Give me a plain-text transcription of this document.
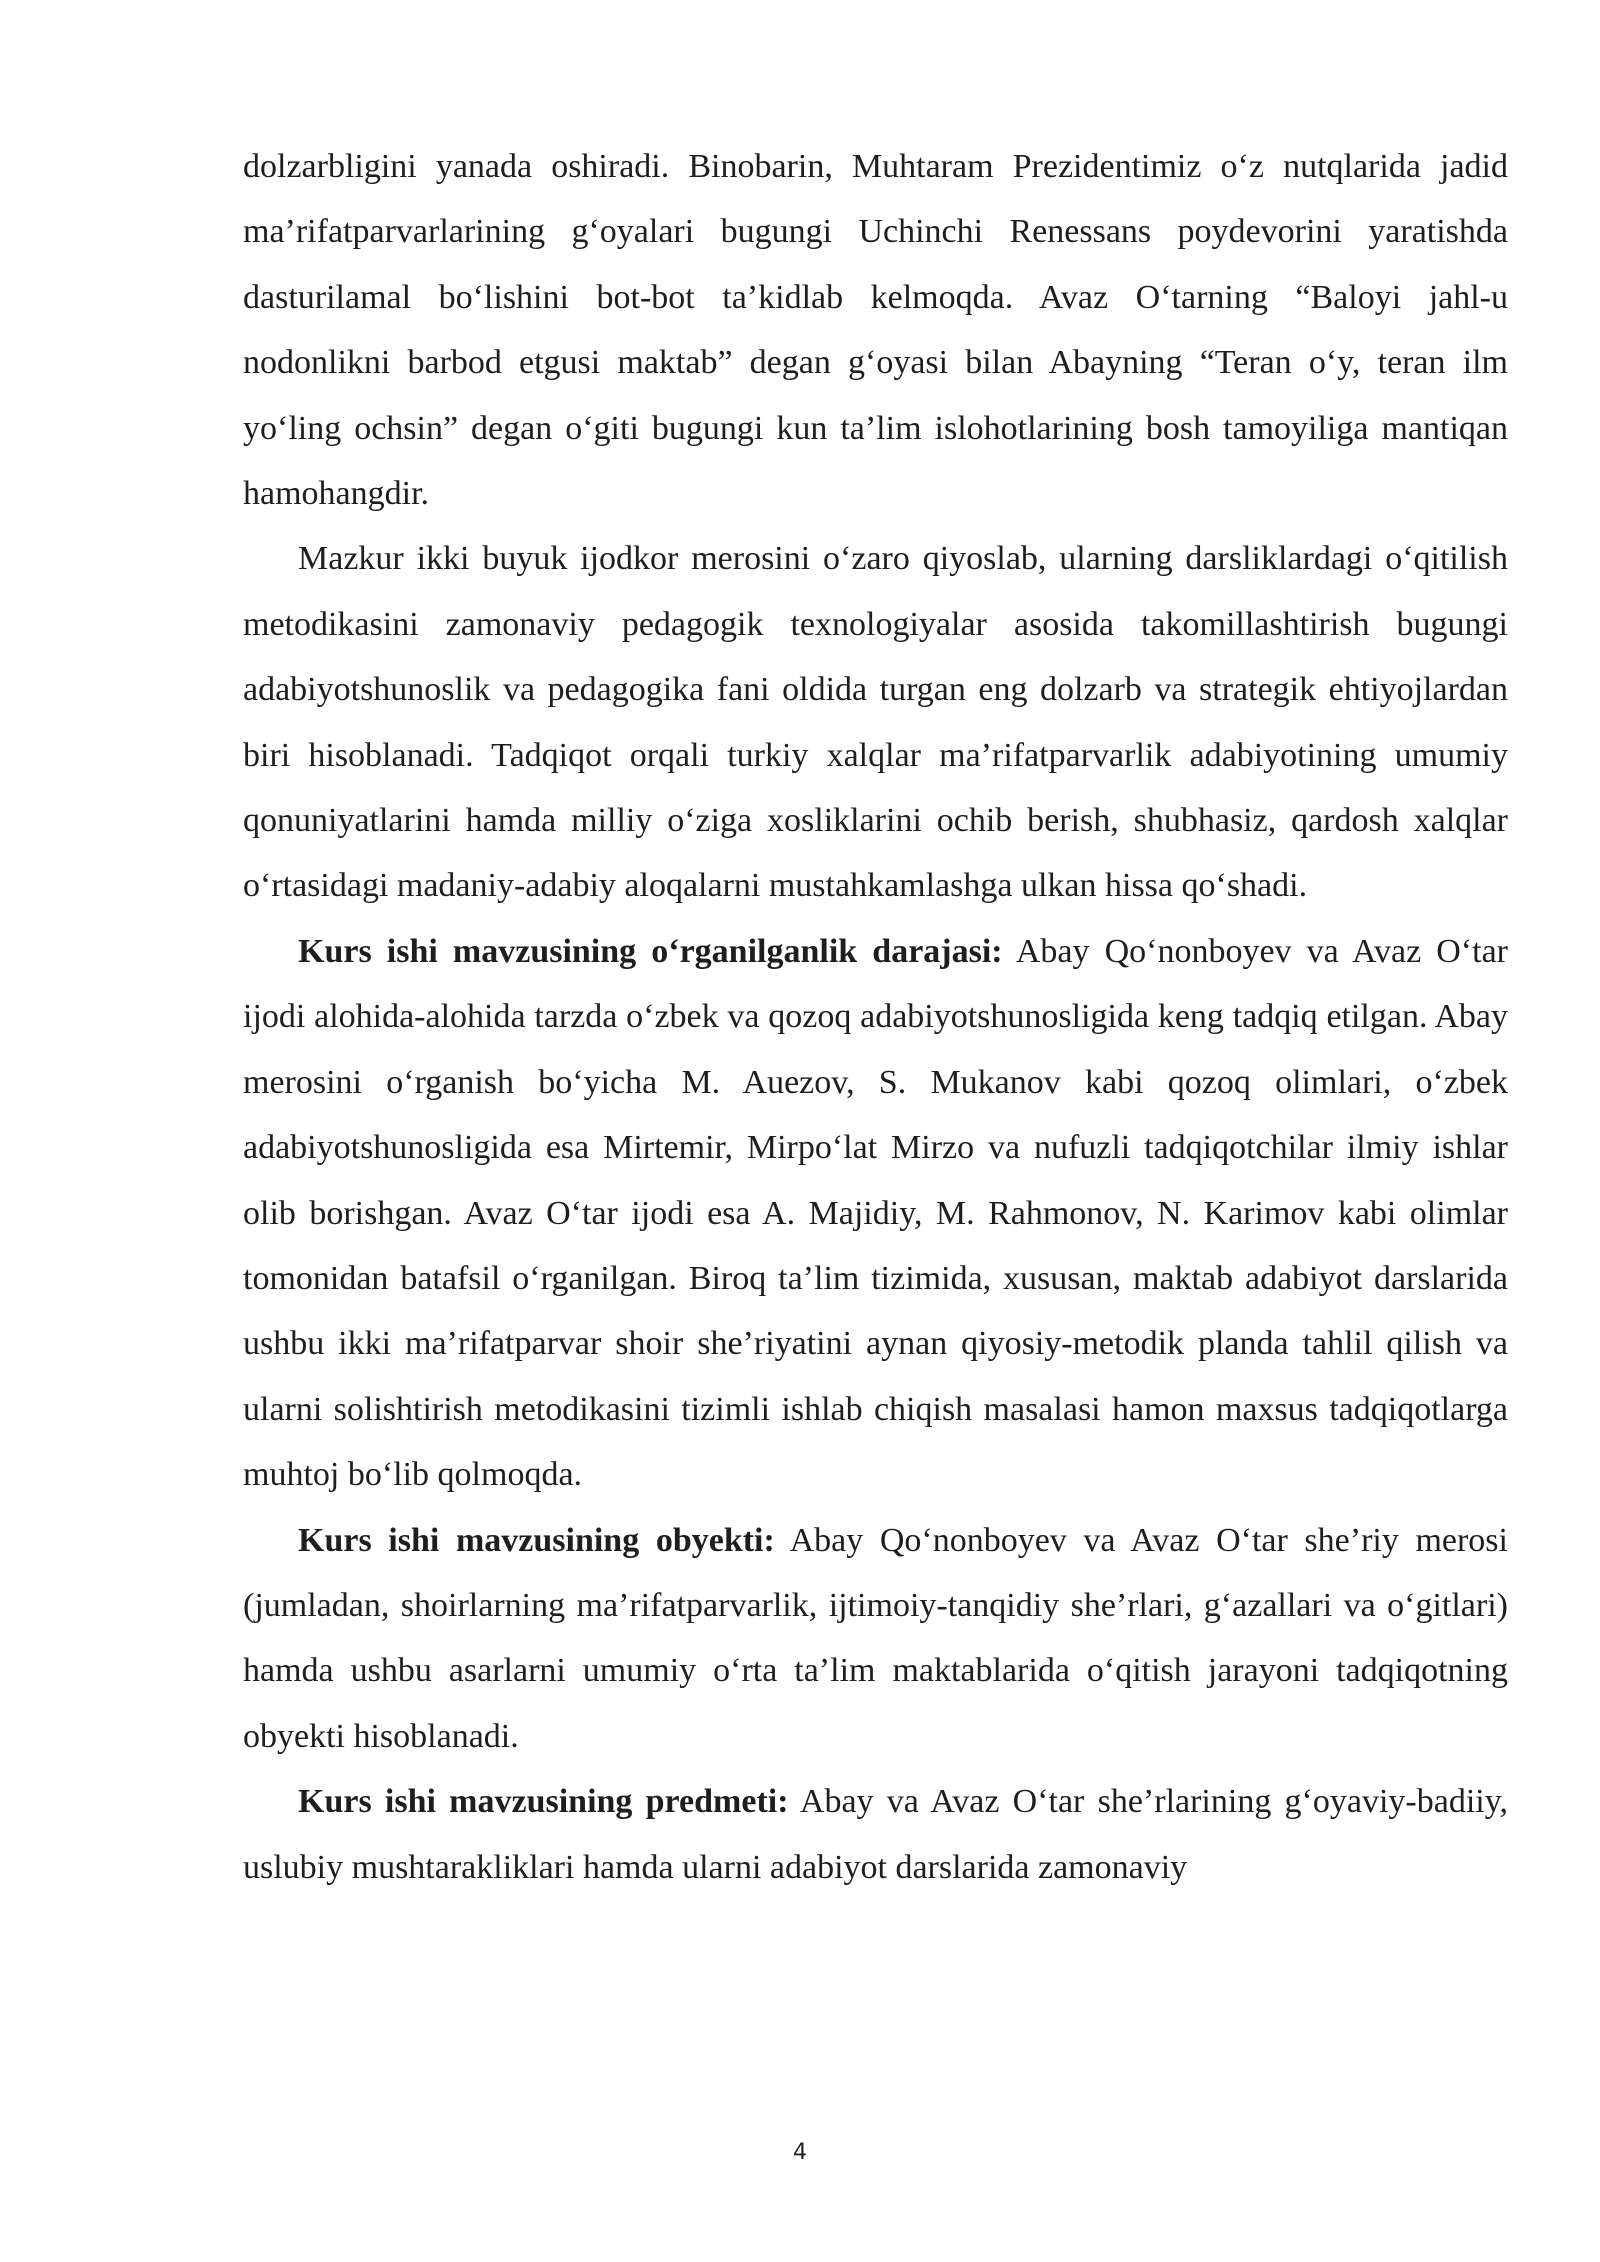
dolzarbligini yanada oshiradi. Binobarin, Muhtaram Prezidentimiz o‘z nutqlarida jadid ma’rifatparvarlarining g‘oyalari bugungi Uchinchi Renessans poydevorini yaratishda dasturilamal bo‘lishini bot-bot ta’kidlab kelmoqda. Avaz O‘tarning “Baloyi jahl-u nodonlikni barbod etgusi maktab” degan g‘oyasi bilan Abayning “Teran o‘y, teran ilm yo‘ling ochsin” degan o‘giti bugungi kun ta’lim islohotlarining bosh tamoyiliga mantiqan hamohangdir.

Mazkur ikki buyuk ijodkor merosini o‘zaro qiyoslab, ularning darsliklardagi o‘qitilish metodikasini zamonaviy pedagogik texnologiyalar asosida takomillashtirish bugungi adabiyotshunoslik va pedagogika fani oldida turgan eng dolzarb va strategik ehtiyojlardan biri hisoblanadi. Tadqiqot orqali turkiy xalqlar ma’rifatparvarlik adabiyotining umumiy qonuniyatlarini hamda milliy o‘ziga xosliklarini ochib berish, shubhasiz, qardosh xalqlar o‘rtasidagi madaniy-adabiy aloqalarni mustahkamlashga ulkan hissa qo‘shadi.

Kurs ishi mavzusining o‘rganilganlik darajasi: Abay Qo‘nonboyev va Avaz O‘tar ijodi alohida-alohida tarzda o‘zbek va qozoq adabiyotshunosligida keng tadqiq etilgan. Abay merosini o‘rganish bo‘yicha M. Auezov, S. Mukanov kabi qozoq olimlari, o‘zbek adabiyotshunosligida esa Mirtemir, Mirpo‘lat Mirzo va nufuzli tadqiqotchilar ilmiy ishlar olib borishgan. Avaz O‘tar ijodi esa A. Majidiy, M. Rahmonov, N. Karimov kabi olimlar tomonidan batafsil o‘rganilgan. Biroq ta’lim tizimida, xususan, maktab adabiyot darslarida ushbu ikki ma’rifatparvar shoir she’riyatini aynan qiyosiy-metodik planda tahlil qilish va ularni solishtirish metodikasini tizimli ishlab chiqish masalasi hamon maxsus tadqiqotlarga muhtoj bo‘lib qolmoqda.

Kurs ishi mavzusining obyekti: Abay Qo‘nonboyev va Avaz O‘tar she’riy merosi (jumladan, shoirlarning ma’rifatparvarlik, ijtimoiy-tanqidiy she’rlari, g‘azallari va o‘gitlari) hamda ushbu asarlarni umumiy o‘rta ta’lim maktablarida o‘qitish jarayoni tadqiqotning obyekti hisoblanadi.

Kurs ishi mavzusining predmeti: Abay va Avaz O‘tar she’rlarining g‘oyaviy-badiiy, uslubiy mushtarakliklari hamda ularni adabiyot darslarida zamonaviy

4
